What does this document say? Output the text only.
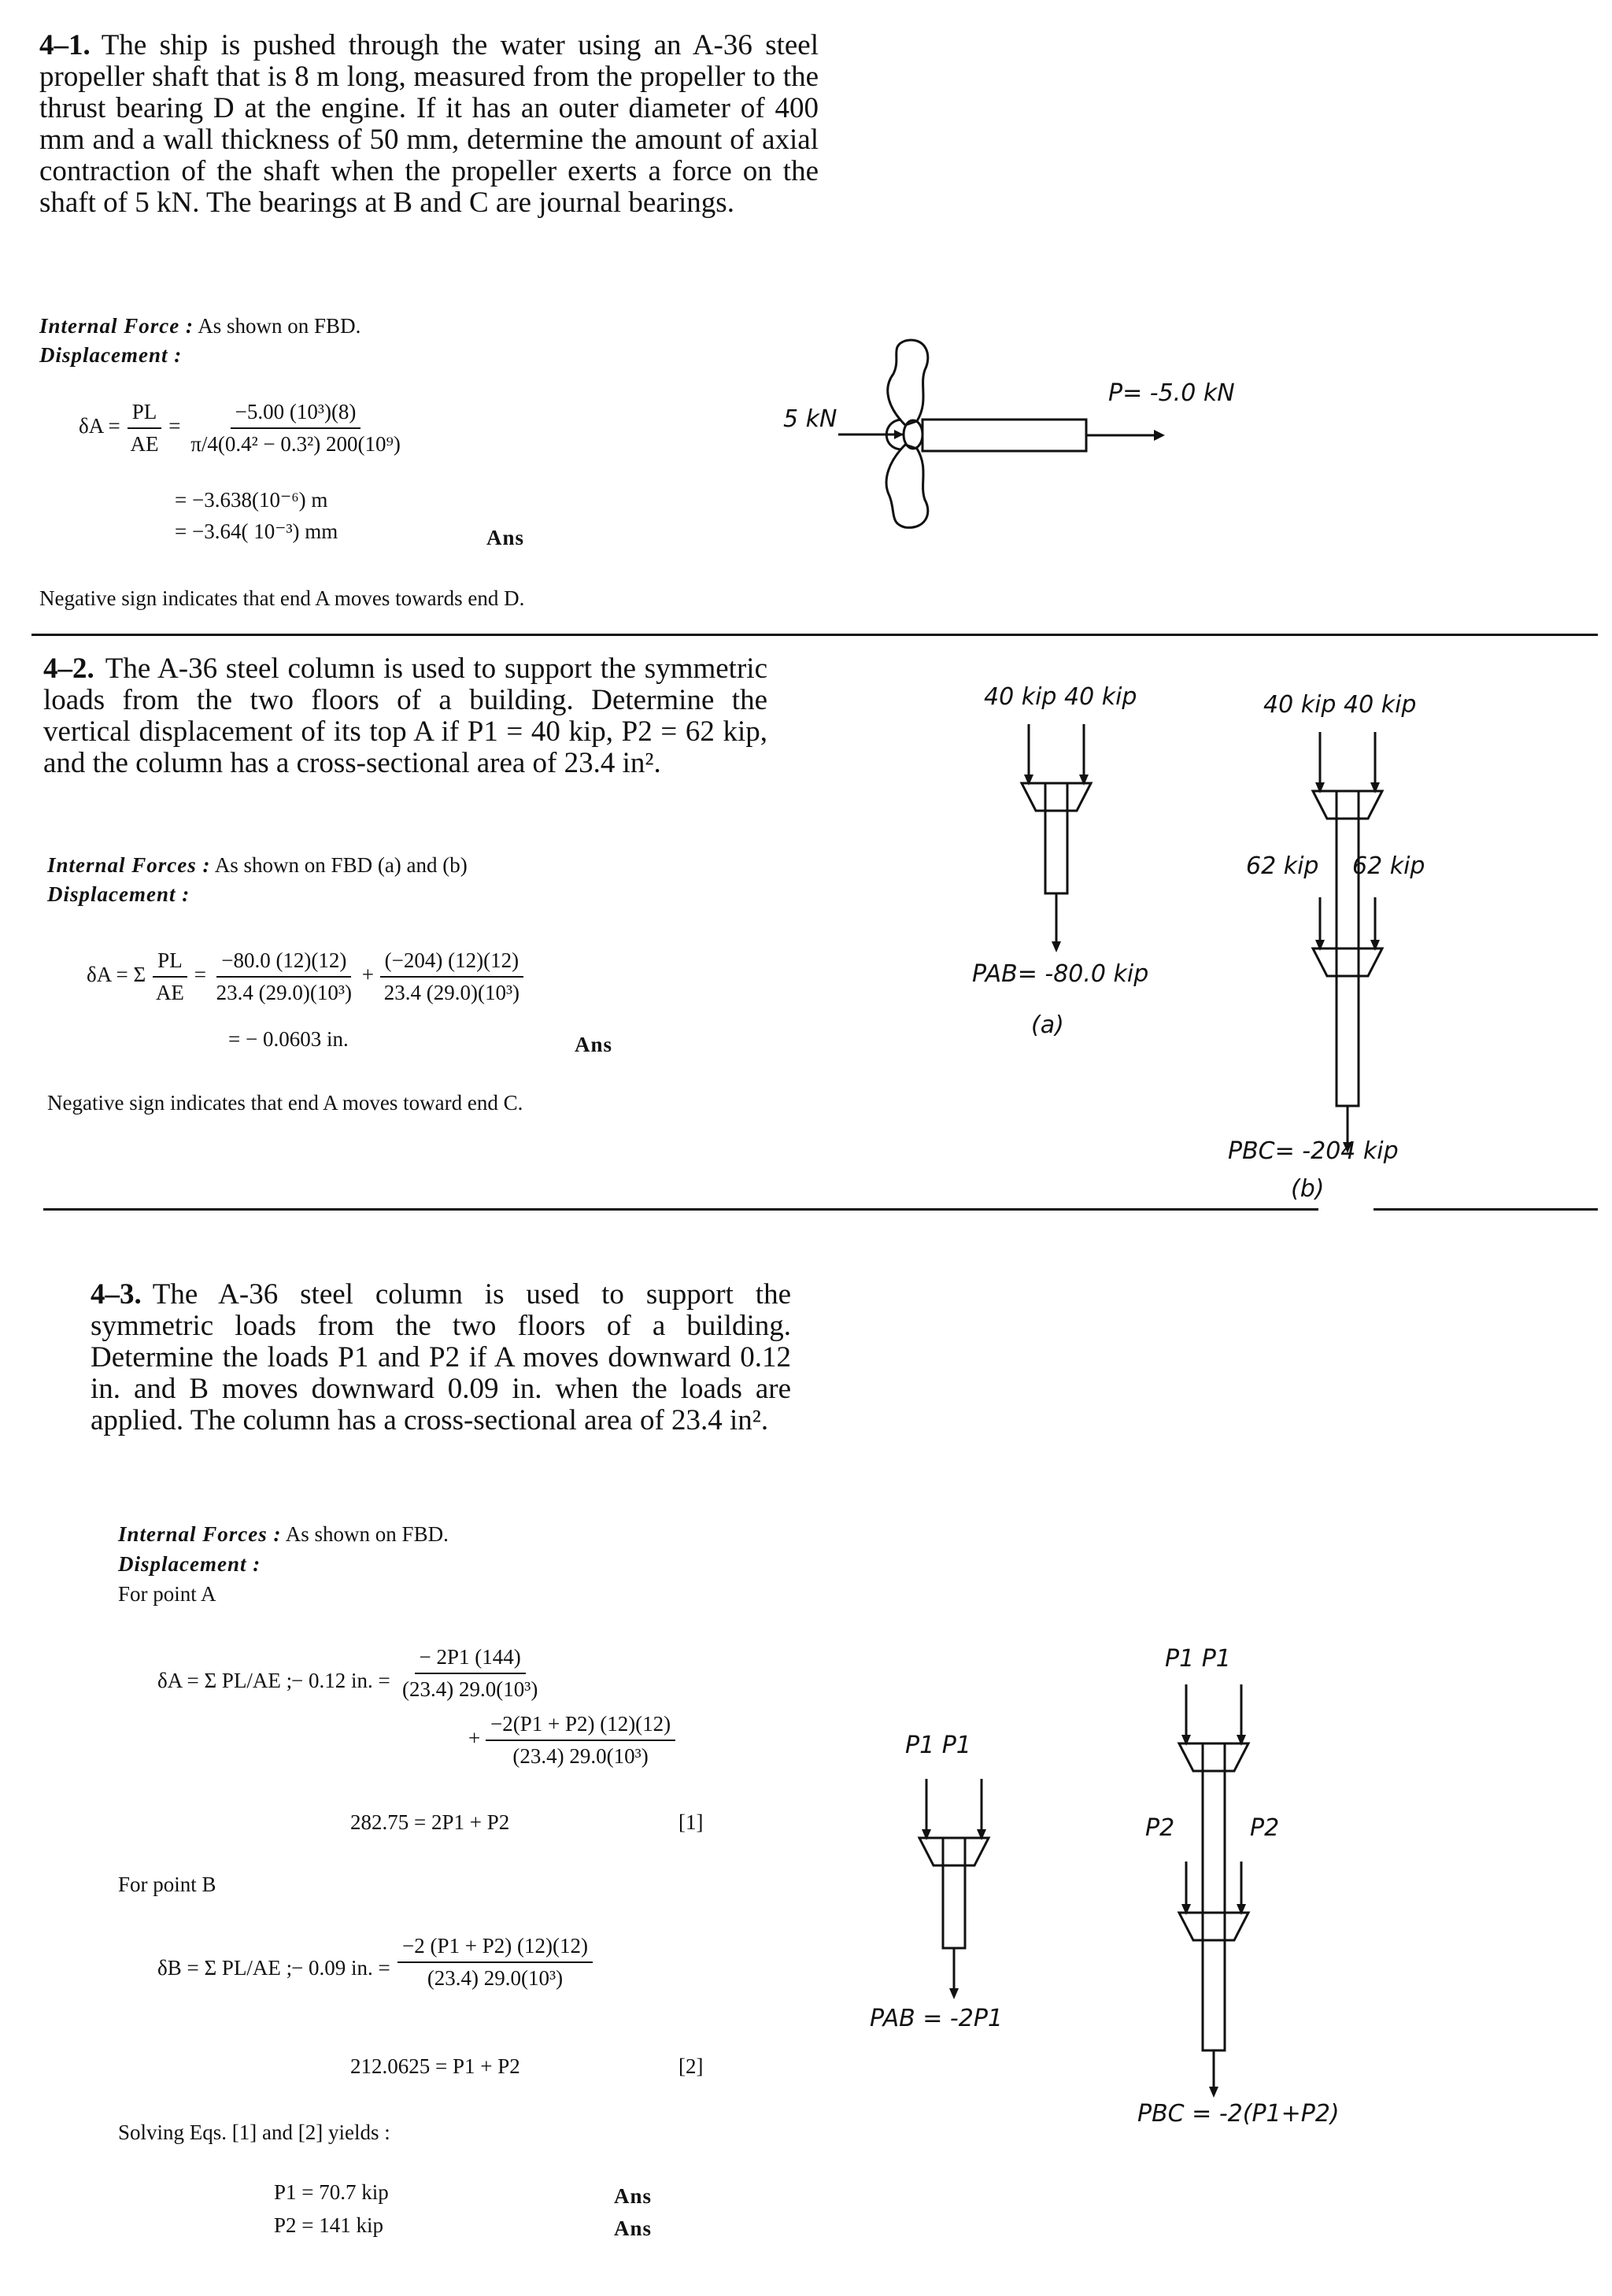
4–1. The ship is pushed through the water using an A-36 steel propeller shaft that is 8 m long, measured from the propeller to the thrust bearing D at the engine. If it has an outer diameter of 400 mm and a wall thickness of 50 mm, determine the amount of axial contraction of the shaft when the propeller exerts a force on the shaft of 5 kN. The bearings at B and C are journal bearings.
Internal Force : As shown on FBD.
Displacement :
$\delta A = \frac{PL}{AE} = \frac{\text{−5.00 (10³)(8)}}{\text{π/4(0.4² − 0.3²) 200(10⁹)}}$
= −3.638(10⁻⁶) m
= −3.64( 10⁻³) mm	Ans
Negative sign indicates that end A moves towards end D.
5 kN
P= -5.0 kN
4–2. The A-36 steel column is used to support the symmetric loads from the two floors of a building. Determine the vertical displacement of its top A if P1 = 40 kip, P2 = 62 kip, and the column has a cross-sectional area of 23.4 in².
Internal Forces : As shown on FBD (a) and (b)
Displacement :
δA = Σ $\frac{PL}{AE} = \frac{-80.0 (12)(12)}{\text{23.4 (29.0)(10³)}} + \frac{(-204) (12)(12)}{\text{23.4 (29.0)(10³)}}$
= − 0.0603 in.	Ans
Negative sign indicates that end A moves toward end C.
40 kip 40 kip
PAB= -80.0 kip
(a)
40 kip 40 kip
62 kip 62 kip
PBC= -204 kip
(b)
4–3. The A-36 steel column is used to support the symmetric loads from the two floors of a building. Determine the loads P1 and P2 if A moves downward 0.12 in. and B moves downward 0.09 in. when the loads are applied. The column has a cross-sectional area of 23.4 in².
Internal Forces : As shown on FBD.
Displacement :
For point A
δA = Σ PL/AE ;
− 0.12 in. = $\frac{- 2P1 (144)}{\text{(23.4) 29.0(10³)}}$
+ $\frac{-2(P1 + P2) (12)(12)}{\text{(23.4) 29.0(10³)}}$
282.75 = 2P1 + P2	[1]
For point B
δB = Σ PL/AE ;
− 0.09 in. = $\frac{-2 (P1 + P2) (12)(12)}{\text{(23.4) 29.0(10³)}}$
212.0625 = P1 + P2	[2]
Solving Eqs. [1] and [2] yields :
P1 = 70.7 kip	Ans
P2 = 141 kip	Ans
P1 P1
PAB = -2P1
P1 P1
P2	P2
PBC = -2(P1+P2)
